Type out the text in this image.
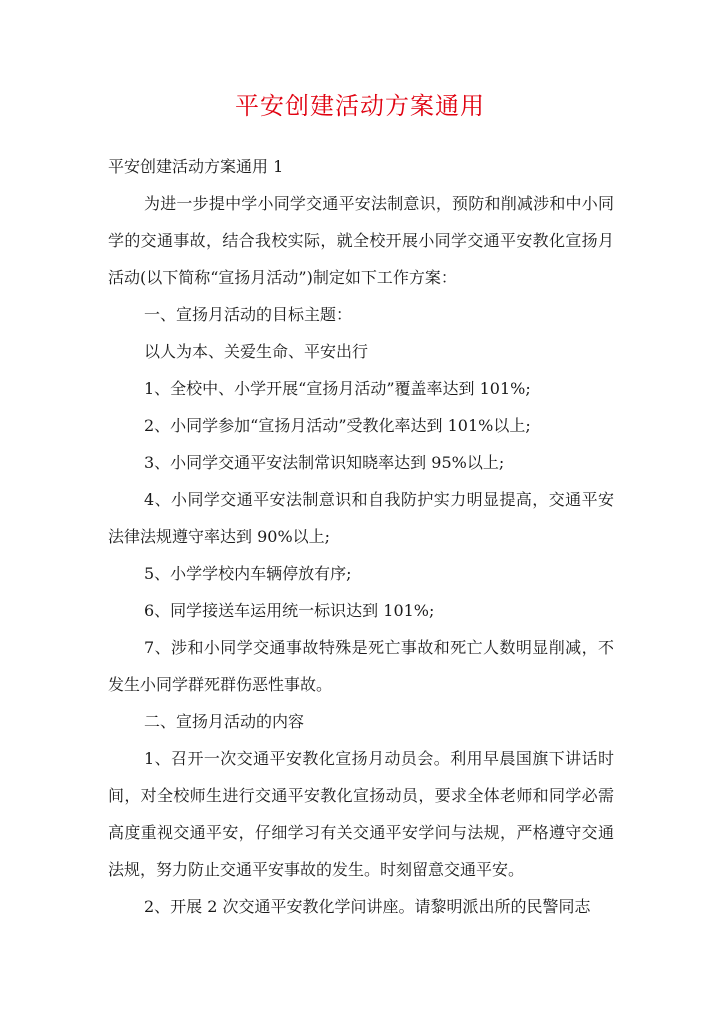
平安创建活动方案通用

平安创建活动方案通用 1

为进一步提中学小同学交通平安法制意识，预防和削减涉和中小同学的交通事故，结合我校实际，就全校开展小同学交通平安教化宣扬月活动(以下简称“宣扬月活动”)制定如下工作方案：

一、宣扬月活动的目标主题：

以人为本、关爱生命、平安出行

1、全校中、小学开展“宣扬月活动”覆盖率达到 101%;

2、小同学参加“宣扬月活动”受教化率达到 101%以上;

3、小同学交通平安法制常识知晓率达到 95%以上;

4、小同学交通平安法制意识和自我防护实力明显提高，交通平安法律法规遵守率达到 90%以上;

5、小学学校内车辆停放有序;

6、同学接送车运用统一标识达到 101%;

7、涉和小同学交通事故特殊是死亡事故和死亡人数明显削减，不发生小同学群死群伤恶性事故。

二、宣扬月活动的内容

1、召开一次交通平安教化宣扬月动员会。利用早晨国旗下讲话时间，对全校师生进行交通平安教化宣扬动员，要求全体老师和同学必需高度重视交通平安，仔细学习有关交通平安学问与法规，严格遵守交通法规，努力防止交通平安事故的发生。时刻留意交通平安。

2、开展 2 次交通平安教化学问讲座。请黎明派出所的民警同志
